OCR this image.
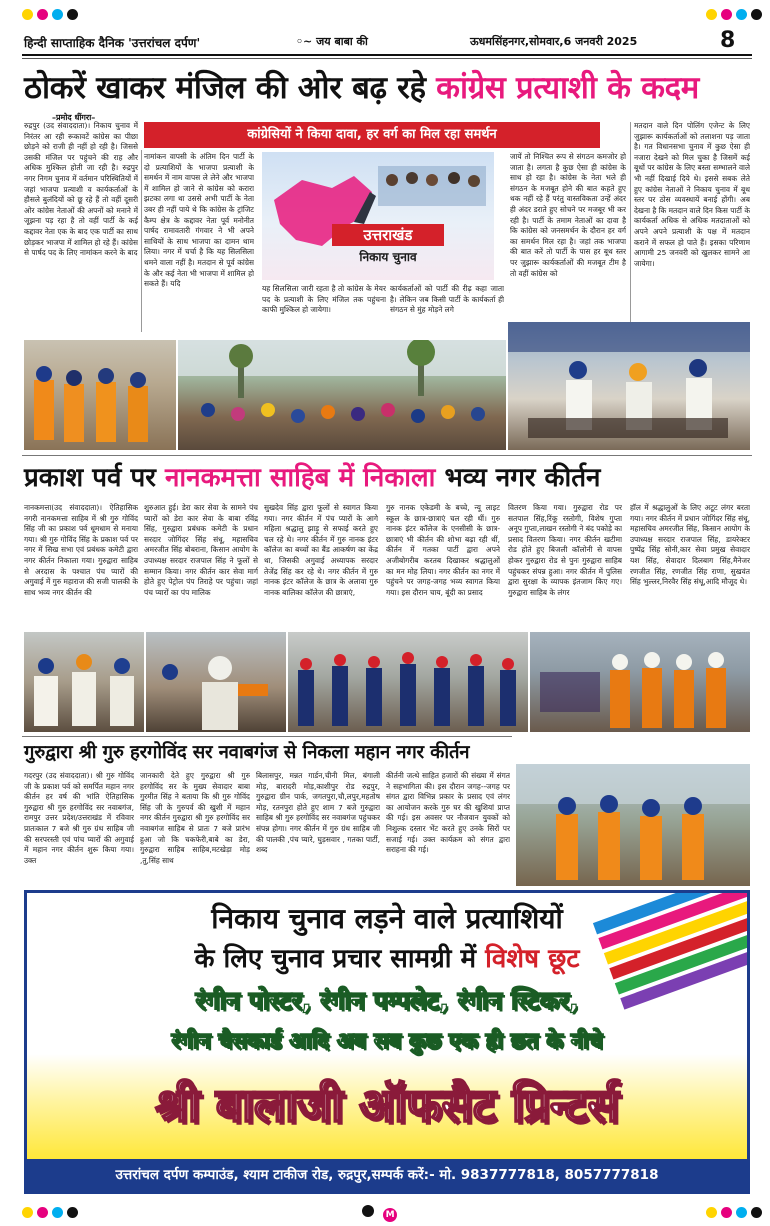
हिन्दी साप्ताहिक दैनिक 'उत्तरांचल दर्पण'	◦~ जय बाबा की	ऊधमसिंहनगर,सोमवार,6 जनवरी 2025	8
ठोकरें खाकर मंजिल की ओर बढ़ रहे कांग्रेस प्रत्याशी के कदम
–प्रमोद धींगरा–
कांग्रेसियों ने किया दावा, हर वर्ग का मिल रहा समर्थन
रुद्रपुर (उद संवाददाता)। निकाय चुनाव में निरंतर आ रही रूकावटें कांग्रेस का पीछा छोड़ने को राजी ही नहीं हो रही है। जिससे उसकी मंजिल पर पहुंचने की राह और अधिक मुश्किल होती जा रही है। रुद्रपुर नगर निगम चुनाव में वर्तमान परिस्थितियों में जहां भाजपा प्रत्याशी व कार्यकर्ताओं के हौसले बुलंदियों को छू रहे हैं तो वहीं दूसरी ओर कांग्रेस नेताओं की अपनों को मनाने में जूझना पड़ रहा है तो वहीं पार्टी के कई कद्दावर नेता एक के बाद एक पार्टी का साथ छोड़कर भाजपा में शामिल हो रहे हैं। कांग्रेस से पार्षद पद के लिए नामांकन करने के बाद
नामांकन वापसी के अंतिम दिन पार्टी के दो प्रत्याशियों के भाजपा प्रत्याशी के समर्थन में नाम वापस ले लेने और भाजपा में शामिल हो जाने से कांग्रेस को करारा झटका लगा था उससे अभी पार्टी के नेता उबर ही नहीं पाये थे कि कांग्रेस के ट्रांजिट कैम्प क्षेत्र के कद्दावर नेता पूर्व मनोनीत पार्षद रामावतारी गंगवार ने भी अपने साथियों के साथ भाजपा का दामन थाम लिया। नगर में चर्चा है कि यह सिलसिला थमने वाला नहीं है। मतदान से पूर्व कांग्रेस के और कई नेता भी भाजपा में शामिल हो सकते हैं। यदि
उत्तराखंड
निकाय चुनाव
यह सिलसिला जारी रहता है तो कांग्रेस के मेयर पद के प्रत्याशी के लिए मंजिल तक पहुंचना काफी मुश्किल हो जायेगा।
कार्यकर्ताओं को पार्टी की रीढ़ कहा जाता है। लेकिन जब किसी पार्टी के कार्यकर्ता ही संगठन से मुंह मोड़ने लगे
जायें तो निश्चित रूप से संगठन कमजोर हो जाता है। लगता है कुछ ऐसा ही कांग्रेस के साथ हो रहा है। कांग्रेस के नेता भले ही संगठन के मजबूत होने की बात कहते हुए थक नहीं रहे हैं परंतु वास्तविकता उन्हें अंदर ही अंदर डराते हुए सोचने पर मजबूर भी कर रही है। पार्टी के तमाम नेताओं का दावा है कि कांग्रेस को जनसमर्थन के दौरान हर वर्ग का समर्थन मिल रहा है। जहां तक भाजपा की बात करें तो पार्टी के पास हर बूथ स्तर पर जुझारू कार्यकर्ताओं की मजबूत टीम है तो वहीं कांग्रेस को
मतदान वाले दिन पोलिंग एजेन्ट के लिए जुझारू कार्यकर्ताओं को तलाशना पड़ जाता है। गत विधानसभा चुनाव में कुछ ऐसा ही नजारा देखने को मिल चुका है जिसमें कई बूथों पर कांग्रेस के लिए बस्ता सम्भालने वाले भी नहीं दिखाई दिये थे। इससे सबक लेते हुए कांग्रेस नेताओं ने निकाय चुनाव में बूथ स्तर पर ठोस व्यवस्थायें बनाई होंगी। अब देखना है कि मतदान वाले दिन किस पार्टी के कार्यकर्ता अधिक से अधिक मतदाताओं को अपने अपने प्रत्याशी के पक्ष में मतदान कराने में सफल हो पाते हैं। इसका परिणाम आगामी 25 जनवरी को खुलकर सामने आ जायेगा।
प्रकाश पर्व पर नानकमत्ता साहिब में निकाला भव्य नगर कीर्तन
नानकमत्ता(उद संवाददाता)। ऐतिहासिक नगरी नानकमत्ता साहिब में श्री गुरु गोविंद सिंह जी का प्रकाश पर्व धूमधाम से मनाया गया। श्री गुरु गोविंद सिंह के प्रकाश पर्व पर नगर में सिख सभा एवं प्रबंधक कमेटी द्वारा नगर कीर्तन निकाला गया। गुरुद्वारा साहिब से अरदास के पश्चात पंच प्यारों की अगुवाई में गुरु महाराज की सजी पालकी के साथ भव्य नगर कीर्तन की
शुरुआत हुई। डेरा कार सेवा के सामने पंच प्यारों को डेरा कार सेवा के बाबा रविंद्र सिंह, गुरुद्वारा प्रबंधक कमेटी के प्रधान सरदार जोगिंदर सिंह संधू, महासचिव अमरजीत सिंह बोबराना, किसान आयोग के उपाध्यक्ष सरदार राजपाल सिंह ने फूलों से सम्मान किया। नगर कीर्तन कार सेवा मार्ग होते हुए पेट्रोल पंप तिराहे पर पहुंचा। जहां पंच प्यारों का पंप मालिक
सुखदेव सिंह द्वारा फूलों से स्वागत किया गया। नगर कीर्तन में पंच प्यारों के आगे महिला श्रद्धालु झाड़ू से सफाई करते हुए चल रहे थे। नगर कीर्तन में गुरु नानक इंटर कॉलेज का बच्चों का बैंड आकर्षण का केंद्र था, जिसकी अगुवाई अध्यापक सरदार तेजेंद्र सिंह कर रहे थे। नगर कीर्तन में गुरु नानक इंटर कॉलेज के छात्र के अलावा गुरु नानक बालिका कॉलेज की छात्राएं,
गुरु नानक एकेडमी के बच्चे, न्यू लाइट स्कूल के छात्र-छात्राएं चल रही थीं। गुरु नानक इंटर कॉलेज के एनसीसी के छात्र-छात्राएं भी कीर्तन की शोभा बढ़ा रही थीं, कीर्तन में गतका पार्टी द्वारा अपने अजीबोगरीब करतब दिखाकर श्रद्धालुओं का मन मोह लिया। नगर कीर्तन का नगर में पहुंचने पर जगह-जगह भव्य स्वागत किया गया। इस दौरान चाय, बूंदी का प्रसाद
वितरण किया गया। गुरुद्वारा रोड पर सतपाल सिंह,रिंकू रस्तोगी, विशेष गुप्ता अनूप गुप्ता,लाखन रस्तोगी ने बंद पकोड़े का प्रसाद वितरण किया। नगर कीर्तन खटीमा रोड होते हुए बिजली कॉलोनी से वापस होकर गुरुद्वारा रोड से पुनः गुरुद्वारा साहिब पहुंचकर संपन्न हुआ। नगर कीर्तन में पुलिस द्वारा सुरक्षा के व्यापक इंतजाम किए गए। गुरुद्वारा साहिब के लंगर
हॉल में श्रद्धालुओं के लिए अटूट लंगर बरता गया। नगर कीर्तन में प्रधान जोगिंदर सिंह संधू, महासचिव अमरजीत सिंह, किसान आयोग के उपाध्यक्ष सरदार राजपाल सिंह, डायरेक्टर पुष्पेंद्र सिंह सोनी,कार सेवा प्रमुख सेवादार यश सिंह, सेवादार दिलबाग सिंह,मैनेजर रणजीत सिंह, रणजीत सिंह राणा, सुखवंत सिंह भुल्लर,निरवैर सिंह संधू,आदि मौजूद थे।
गुरुद्वारा श्री गुरु हरगोविंद सर नवाबगंज से निकला महान नगर कीर्तन
गदरपुर (उद संवाददाता)। श्री गुरु गोविंद जी के प्रकाश पर्व को समर्पित महान नगर कीर्तन हर वर्ष की भांति ऐतिहासिक गुरुद्वारा श्री गुरु हरगोविंद सर नवाबगंज, रामपुर उत्तर प्रदेश/उत्तराखंड में रविवार प्रातःकाल 7 बजे श्री गुरु ग्रंथ साहिब जी की सरपरस्ती एवं पांच प्यारों की अगुवाई में महान नगर कीर्तन शुरू किया गया। उक्त
जानकारी देते हुए गुरुद्वारा श्री गुरु हरगोविंद सर के मुख्य सेवादार बाबा गुरमीत सिंह ने बताया कि श्री गुरु गोविंद सिंह जी के गुरुपर्व की खुशी में महान नगर कीर्तन गुरुद्वारा श्री गुरु हरगोविंद सर नवाबगंज साहिब से प्रातः 7 बजे प्रारंभ हुआ जो कि चकफेरी,बाबे का डेरा, गुरुद्वारा साहिब साहिब,मटखेड़ा मोड़ ,तु,सिंह साथ
बिलासपुर, मन्नत गार्डन,चीनी मिल, बंगाली मोड़, बारादरी मोड़,काशीपुर रोड रुद्रपुर, गुरुद्वारा ग्रीन पार्क, जगतपुरा,चौ,लपुर,महतोष मोड़, रतनपुरा होते हुए शाम 7 बजे गुरुद्वारा साहिब श्री गुरु हरगोविंद सर नवाबगंज पहुंचकर संपन्न होगा। नगर कीर्तन में गुरु ग्रंथ साहिब जी की पालकी ,पंच प्यारे, घुड़सवार , गतका पार्टी, शब्द
कीर्तनी जत्थे साहित हजारों की संख्या में संगत ने सहभागिता की। इस दौरान जगह--जगह पर संगत द्वारा विभिन्न प्रकार के प्रसाद एवं लंगर का आयोजन करके गुरु घर की खुशियां प्राप्त की गई। इस अवसर पर नौजवान युवकों को निशुल्क दस्तार भेंट करते हुए उनके सिरों पर सजाई गई। उक्त कार्यक्रम को संगत द्वारा सराहना की गई।
निकाय चुनाव लड़ने वाले प्रत्याशियों
के लिए चुनाव प्रचार सामग्री में विशेष छूट
रंगीन पोस्टर, रंगीन पम्पलेट, रंगीन स्टिकर,
रंगीन चैसकार्ड आदि अब सब कुछ एक ही छत के नीचे
श्री बालाजी ऑफसैट प्रिन्टर्स
उत्तरांचल दर्पण कम्पाउंड, श्याम टाकीज रोड, रुद्रपुर,सम्पर्क करें:- मो. 9837777818, 8057777818
M
